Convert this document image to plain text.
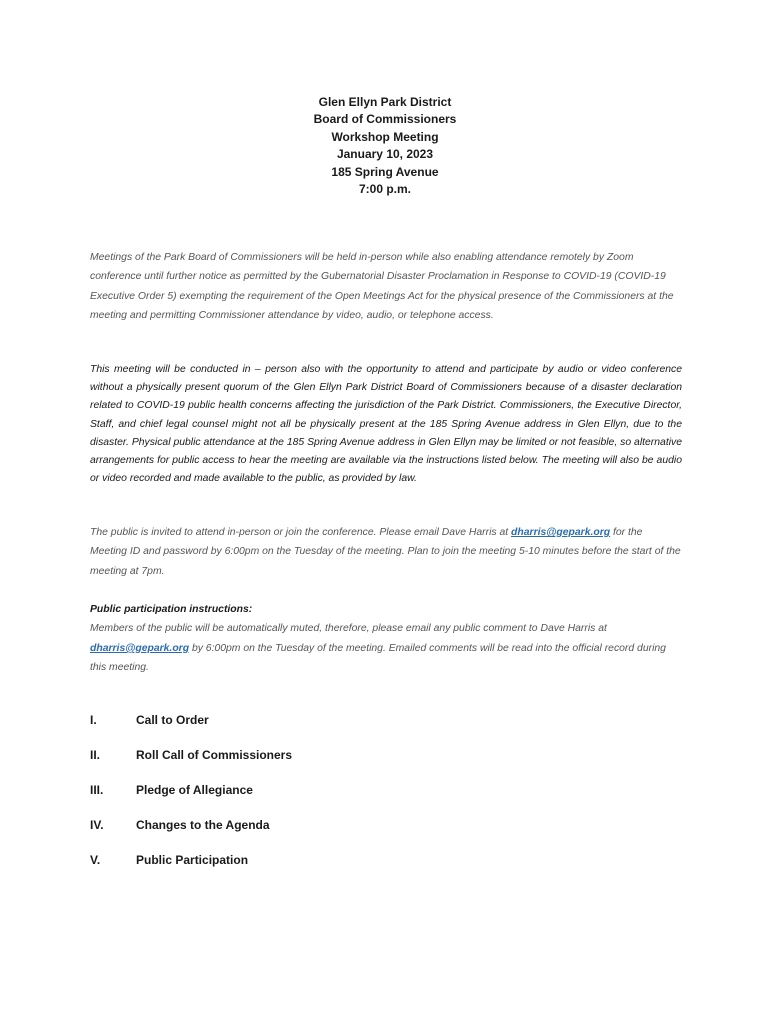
Glen Ellyn Park District
Board of Commissioners
Workshop Meeting
January 10, 2023
185 Spring Avenue
7:00 p.m.

Meetings of the Park Board of Commissioners will be held in-person while also enabling attendance remotely by Zoom conference until further notice as permitted by the Gubernatorial Disaster Proclamation in Response to COVID-19 (COVID-19 Executive Order 5) exempting the requirement of the Open Meetings Act for the physical presence of the Commissioners at the meeting and permitting Commissioner attendance by video, audio, or telephone access.

This meeting will be conducted in – person also with the opportunity to attend and participate by audio or video conference without a physically present quorum of the Glen Ellyn Park District Board of Commissioners because of a disaster declaration related to COVID-19 public health concerns affecting the jurisdiction of the Park District. Commissioners, the Executive Director, Staff, and chief legal counsel might not all be physically present at the 185 Spring Avenue address in Glen Ellyn, due to the disaster. Physical public attendance at the 185 Spring Avenue address in Glen Ellyn may be limited or not feasible, so alternative arrangements for public access to hear the meeting are available via the instructions listed below. The meeting will also be audio or video recorded and made available to the public, as provided by law.

The public is invited to attend in-person or join the conference. Please email Dave Harris at dharris@gepark.org for the Meeting ID and password by 6:00pm on the Tuesday of the meeting. Plan to join the meeting 5-10 minutes before the start of the meeting at 7pm.

Public participation instructions:
Members of the public will be automatically muted, therefore, please email any public comment to Dave Harris at dharris@gepark.org by 6:00pm on the Tuesday of the meeting. Emailed comments will be read into the official record during this meeting.

I.	Call to Order
II.	Roll Call of Commissioners
III.	Pledge of Allegiance
IV.	Changes to the Agenda
V.	Public Participation
